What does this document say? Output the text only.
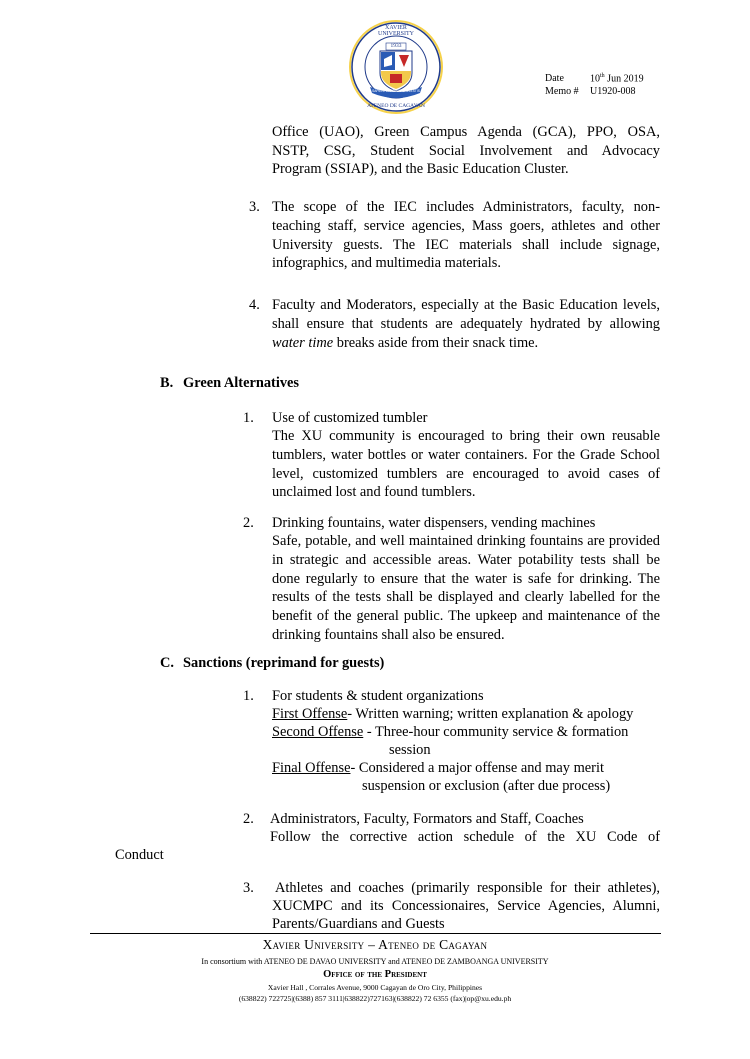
XAVIER UNIVERSITY
1933
SAPIENTIA DOMUS CAELESTIS
ATENEO DE CAGAYAN
Date	10th Jun 2019
Memo # U1920-008
Office (UAO), Green Campus Agenda (GCA), PPO, OSA,
NSTP, CSG, Student Social Involvement and Advocacy
Program (SSIAP), and the Basic Education Cluster.
3. The scope of the IEC includes Administrators, faculty, non-teaching staff, service agencies, Mass goers, athletes and other University guests. The IEC materials shall include signage, infographics, and multimedia materials.
4. Faculty and Moderators, especially at the Basic Education levels, shall ensure that students are adequately hydrated by allowing water time breaks aside from their snack time.
B. Green Alternatives
1. Use of customized tumbler
The XU community is encouraged to bring their own reusable tumblers, water bottles or water containers. For the Grade School level, customized tumblers are encouraged to avoid cases of unclaimed lost and found tumblers.
2. Drinking fountains, water dispensers, vending machines
Safe, potable, and well maintained drinking fountains are provided in strategic and accessible areas. Water potability tests shall be done regularly to ensure that the water is safe for drinking. The results of the tests shall be displayed and clearly labelled for the benefit of the general public. The upkeep and maintenance of the drinking fountains shall also be ensured.
C. Sanctions (reprimand for guests)
1. For students & student organizations
First Offense- Written warning; written explanation & apology
Second Offense - Three-hour community service & formation
session
Final Offense- Considered a major offense and may merit
suspension or exclusion (after due process)
2. Administrators, Faculty, Formators and Staff, Coaches
Follow the corrective action schedule of the XU Code of
Conduct
3. Athletes and coaches (primarily responsible for their athletes),
XUCMPC and its Concessionaires, Service Agencies, Alumni,
Parents/Guardians and Guests
Xavier University – Ateneo de Cagayan
In consortium with ATENEO DE DAVAO UNIVERSITY and ATENEO DE ZAMBOANGA UNIVERSITY
Office of the President
Xavier Hall , Corrales Avenue, 9000 Cagayan de Oro City, Philippines
(638822) 722725|(6388) 857 3111|638822)727163|(638822) 72 6355 (fax)|op@xu.edu.ph
